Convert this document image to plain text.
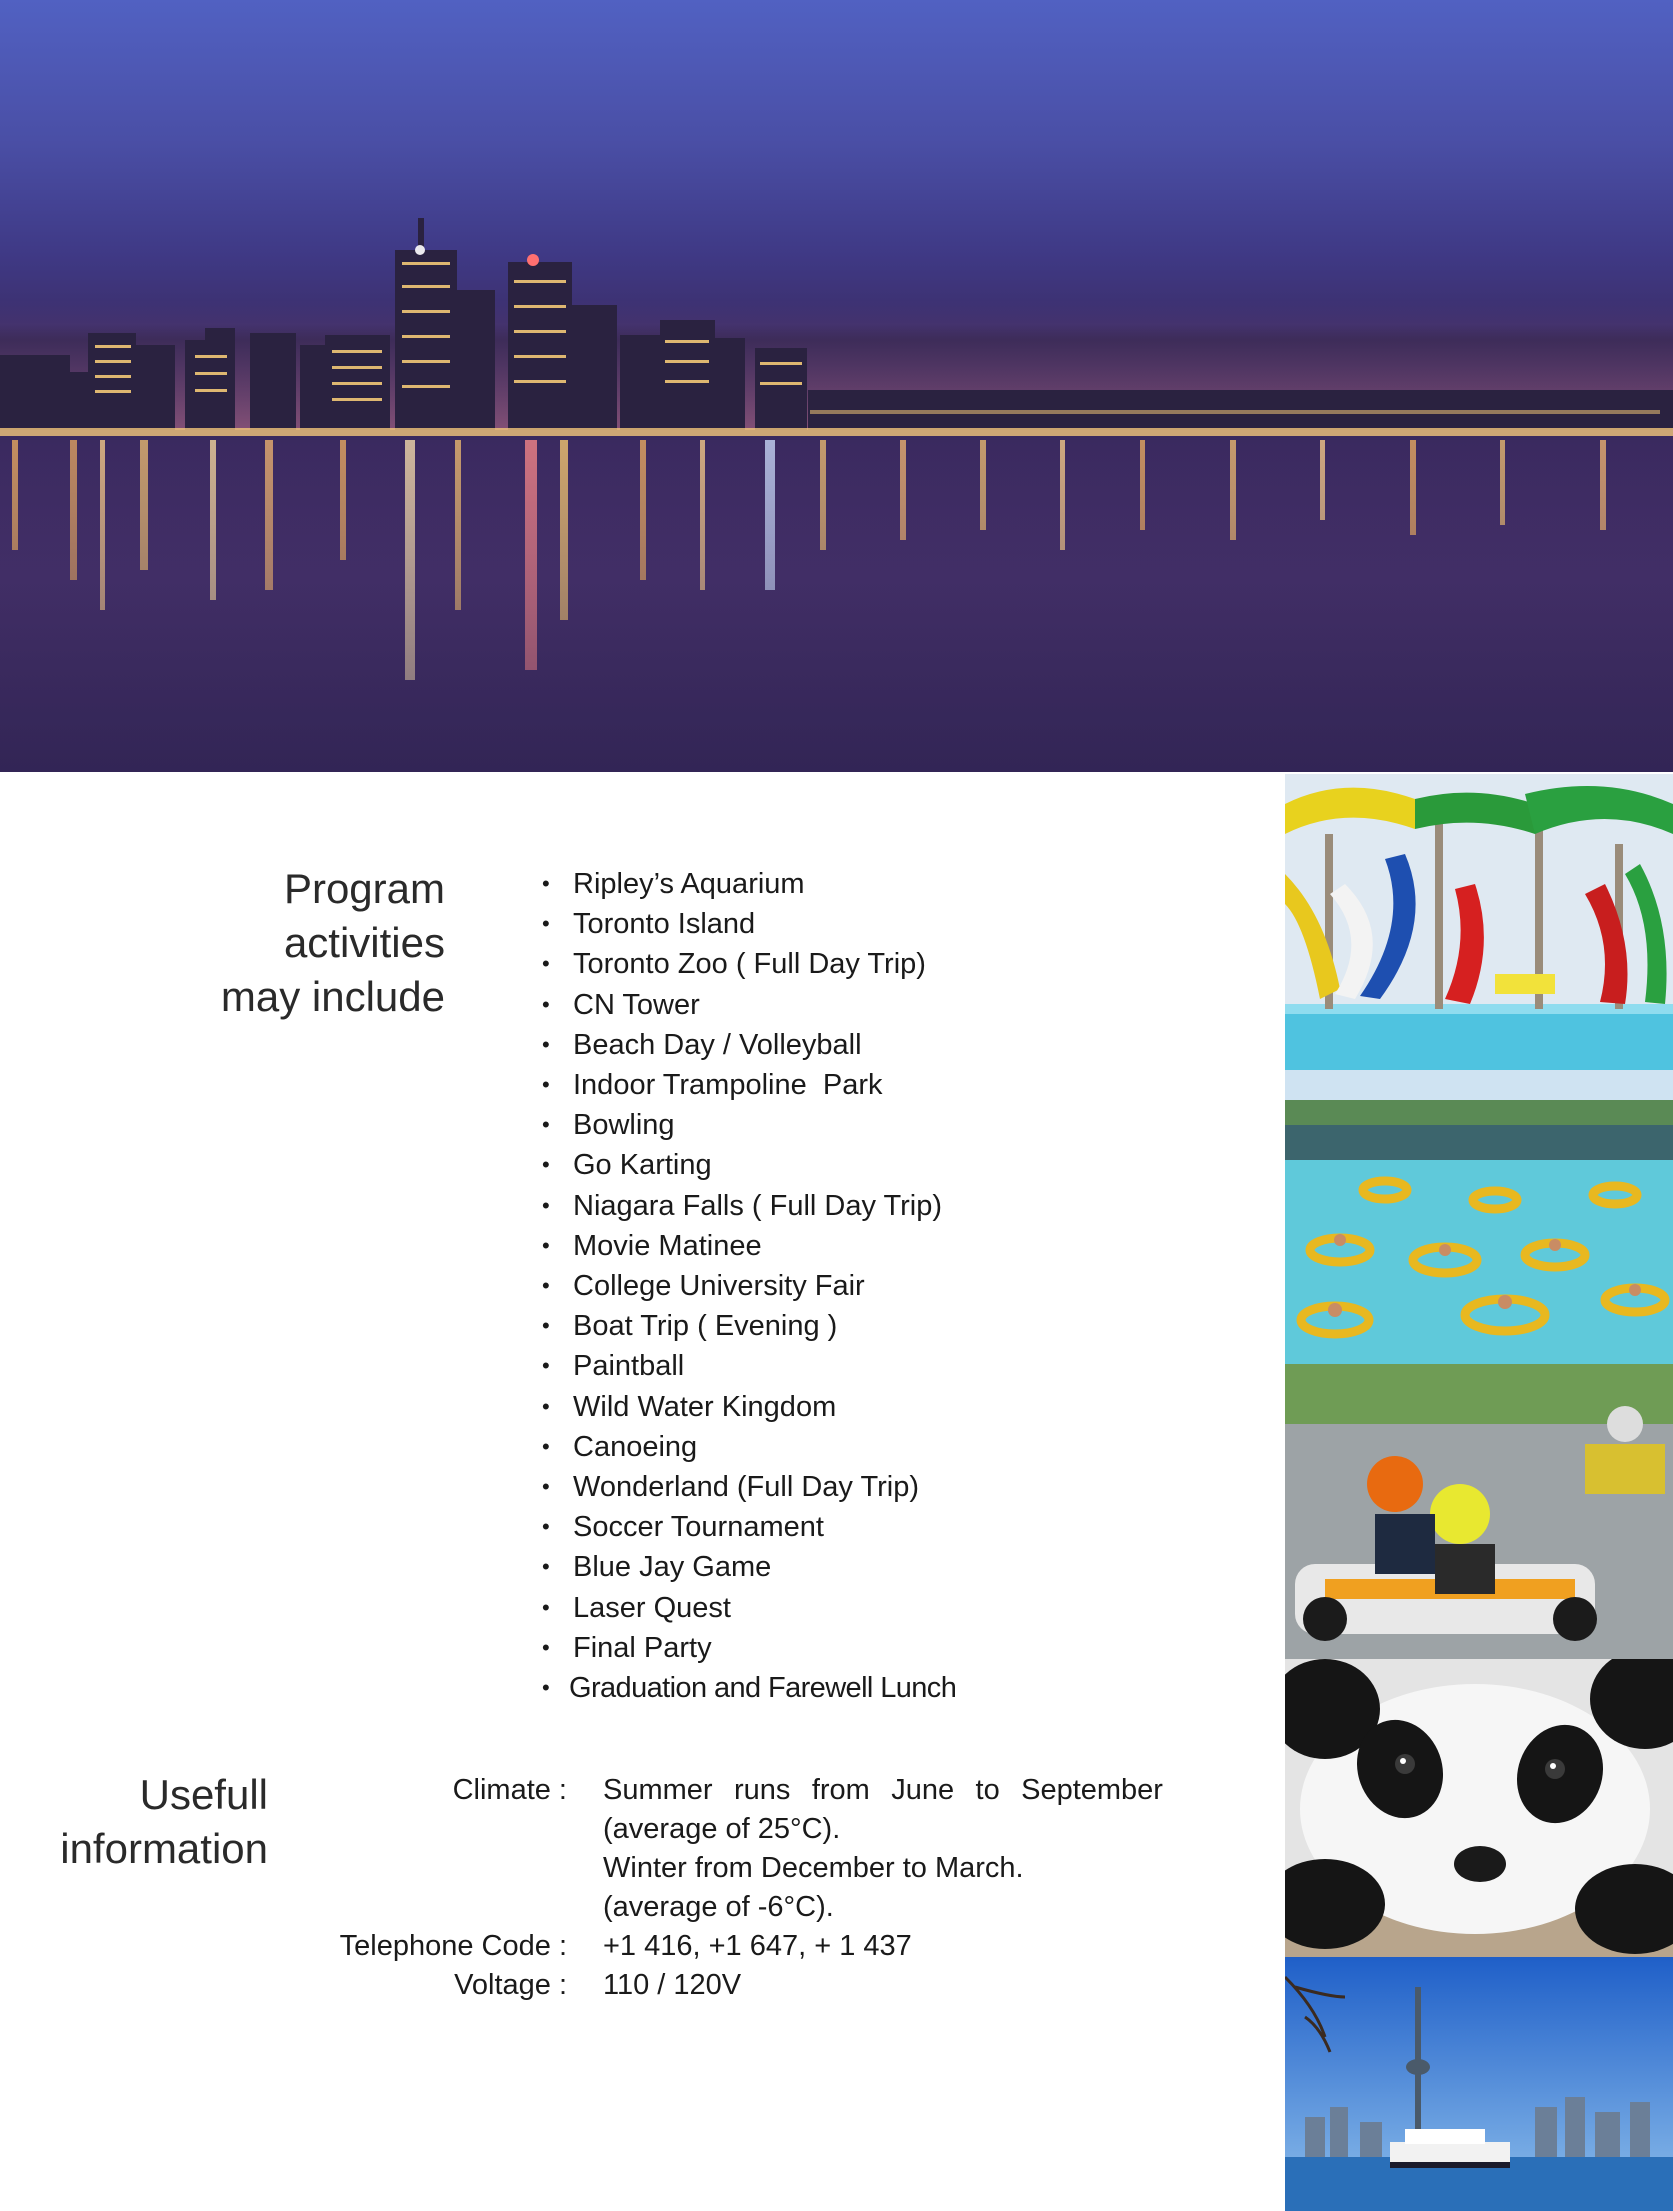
Program
activities
may include
• Ripley’s Aquarium
• Toronto Island
• Toronto Zoo ( Full Day Trip)
• CN Tower
• Beach Day / Volleyball
• Indoor Trampoline  Park
• Bowling
• Go Karting
• Niagara Falls ( Full Day Trip)
• Movie Matinee
• College University Fair
• Boat Trip ( Evening )
• Paintball
• Wild Water Kingdom
• Canoeing
• Wonderland (Full Day Trip)
• Soccer Tournament
• Blue Jay Game
• Laser Quest
• Final Party
• Graduation and Farewell Lunch
Usefull
information
Climate : Summer runs from June to September
(average of 25°C).
Winter from December to March.
(average of -6°C).
Telephone Code : +1 416, +1 647, + 1 437
Voltage : 110 / 120V
